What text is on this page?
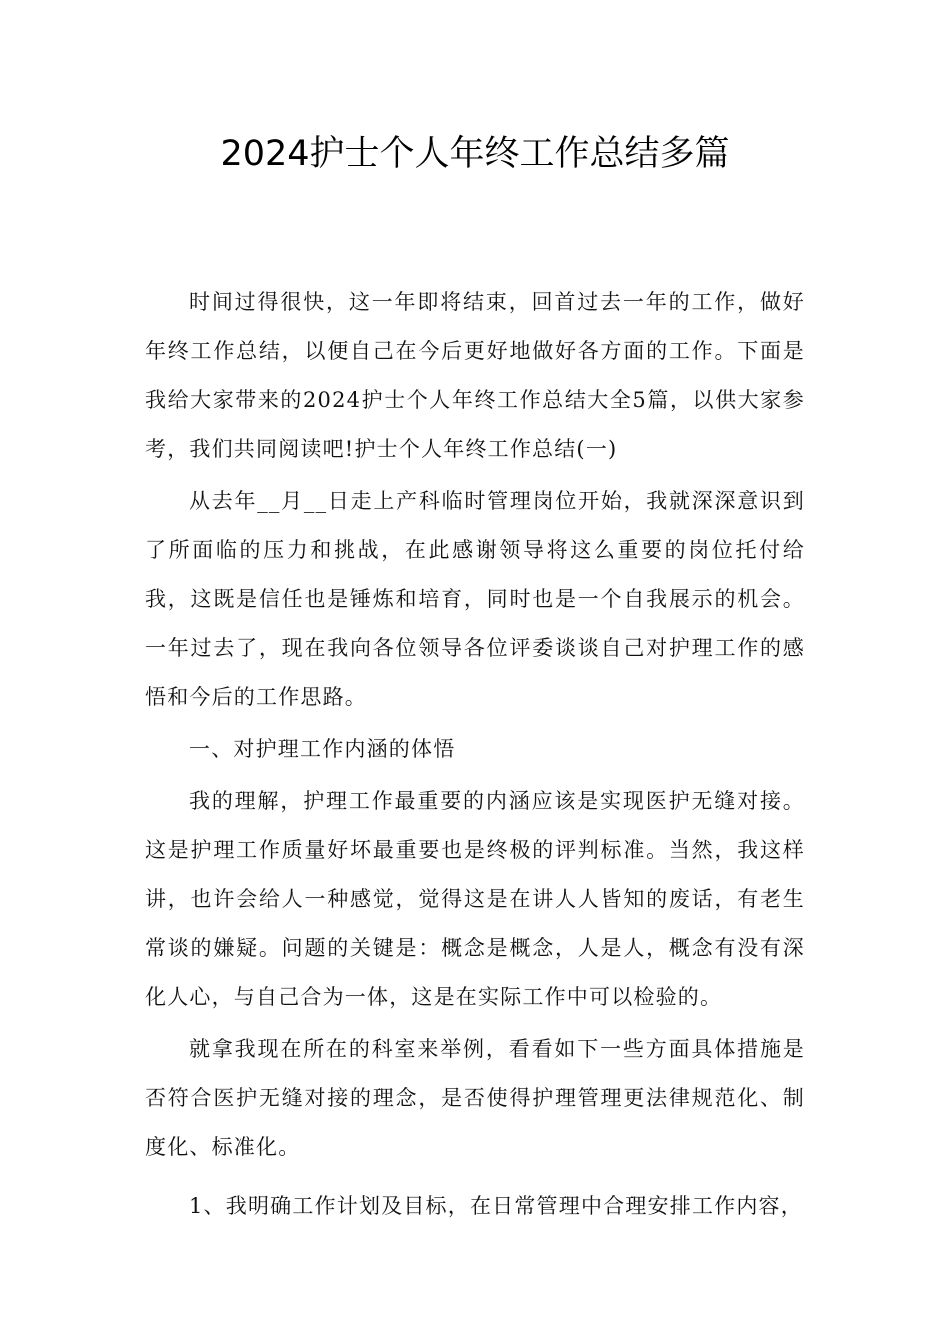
2024护士个人年终工作总结多篇

时间过得很快，这一年即将结束，回首过去一年的工作，做好年终工作总结，以便自己在今后更好地做好各方面的工作。下面是我给大家带来的2024护士个人年终工作总结大全5篇，以供大家参考，我们共同阅读吧!护士个人年终工作总结(一)

从去年__月__日走上产科临时管理岗位开始，我就深深意识到了所面临的压力和挑战，在此感谢领导将这么重要的岗位托付给我，这既是信任也是锤炼和培育，同时也是一个自我展示的机会。一年过去了，现在我向各位领导各位评委谈谈自己对护理工作的感悟和今后的工作思路。

一、对护理工作内涵的体悟

我的理解，护理工作最重要的内涵应该是实现医护无缝对接。这是护理工作质量好坏最重要也是终极的评判标准。当然，我这样讲，也许会给人一种感觉，觉得这是在讲人人皆知的废话，有老生常谈的嫌疑。问题的关键是：概念是概念，人是人，概念有没有深化人心，与自己合为一体，这是在实际工作中可以检验的。

就拿我现在所在的科室来举例，看看如下一些方面具体措施是否符合医护无缝对接的理念，是否使得护理管理更法律规范化、制度化、标准化。

1、我明确工作计划及目标，在日常管理中合理安排工作内容，
